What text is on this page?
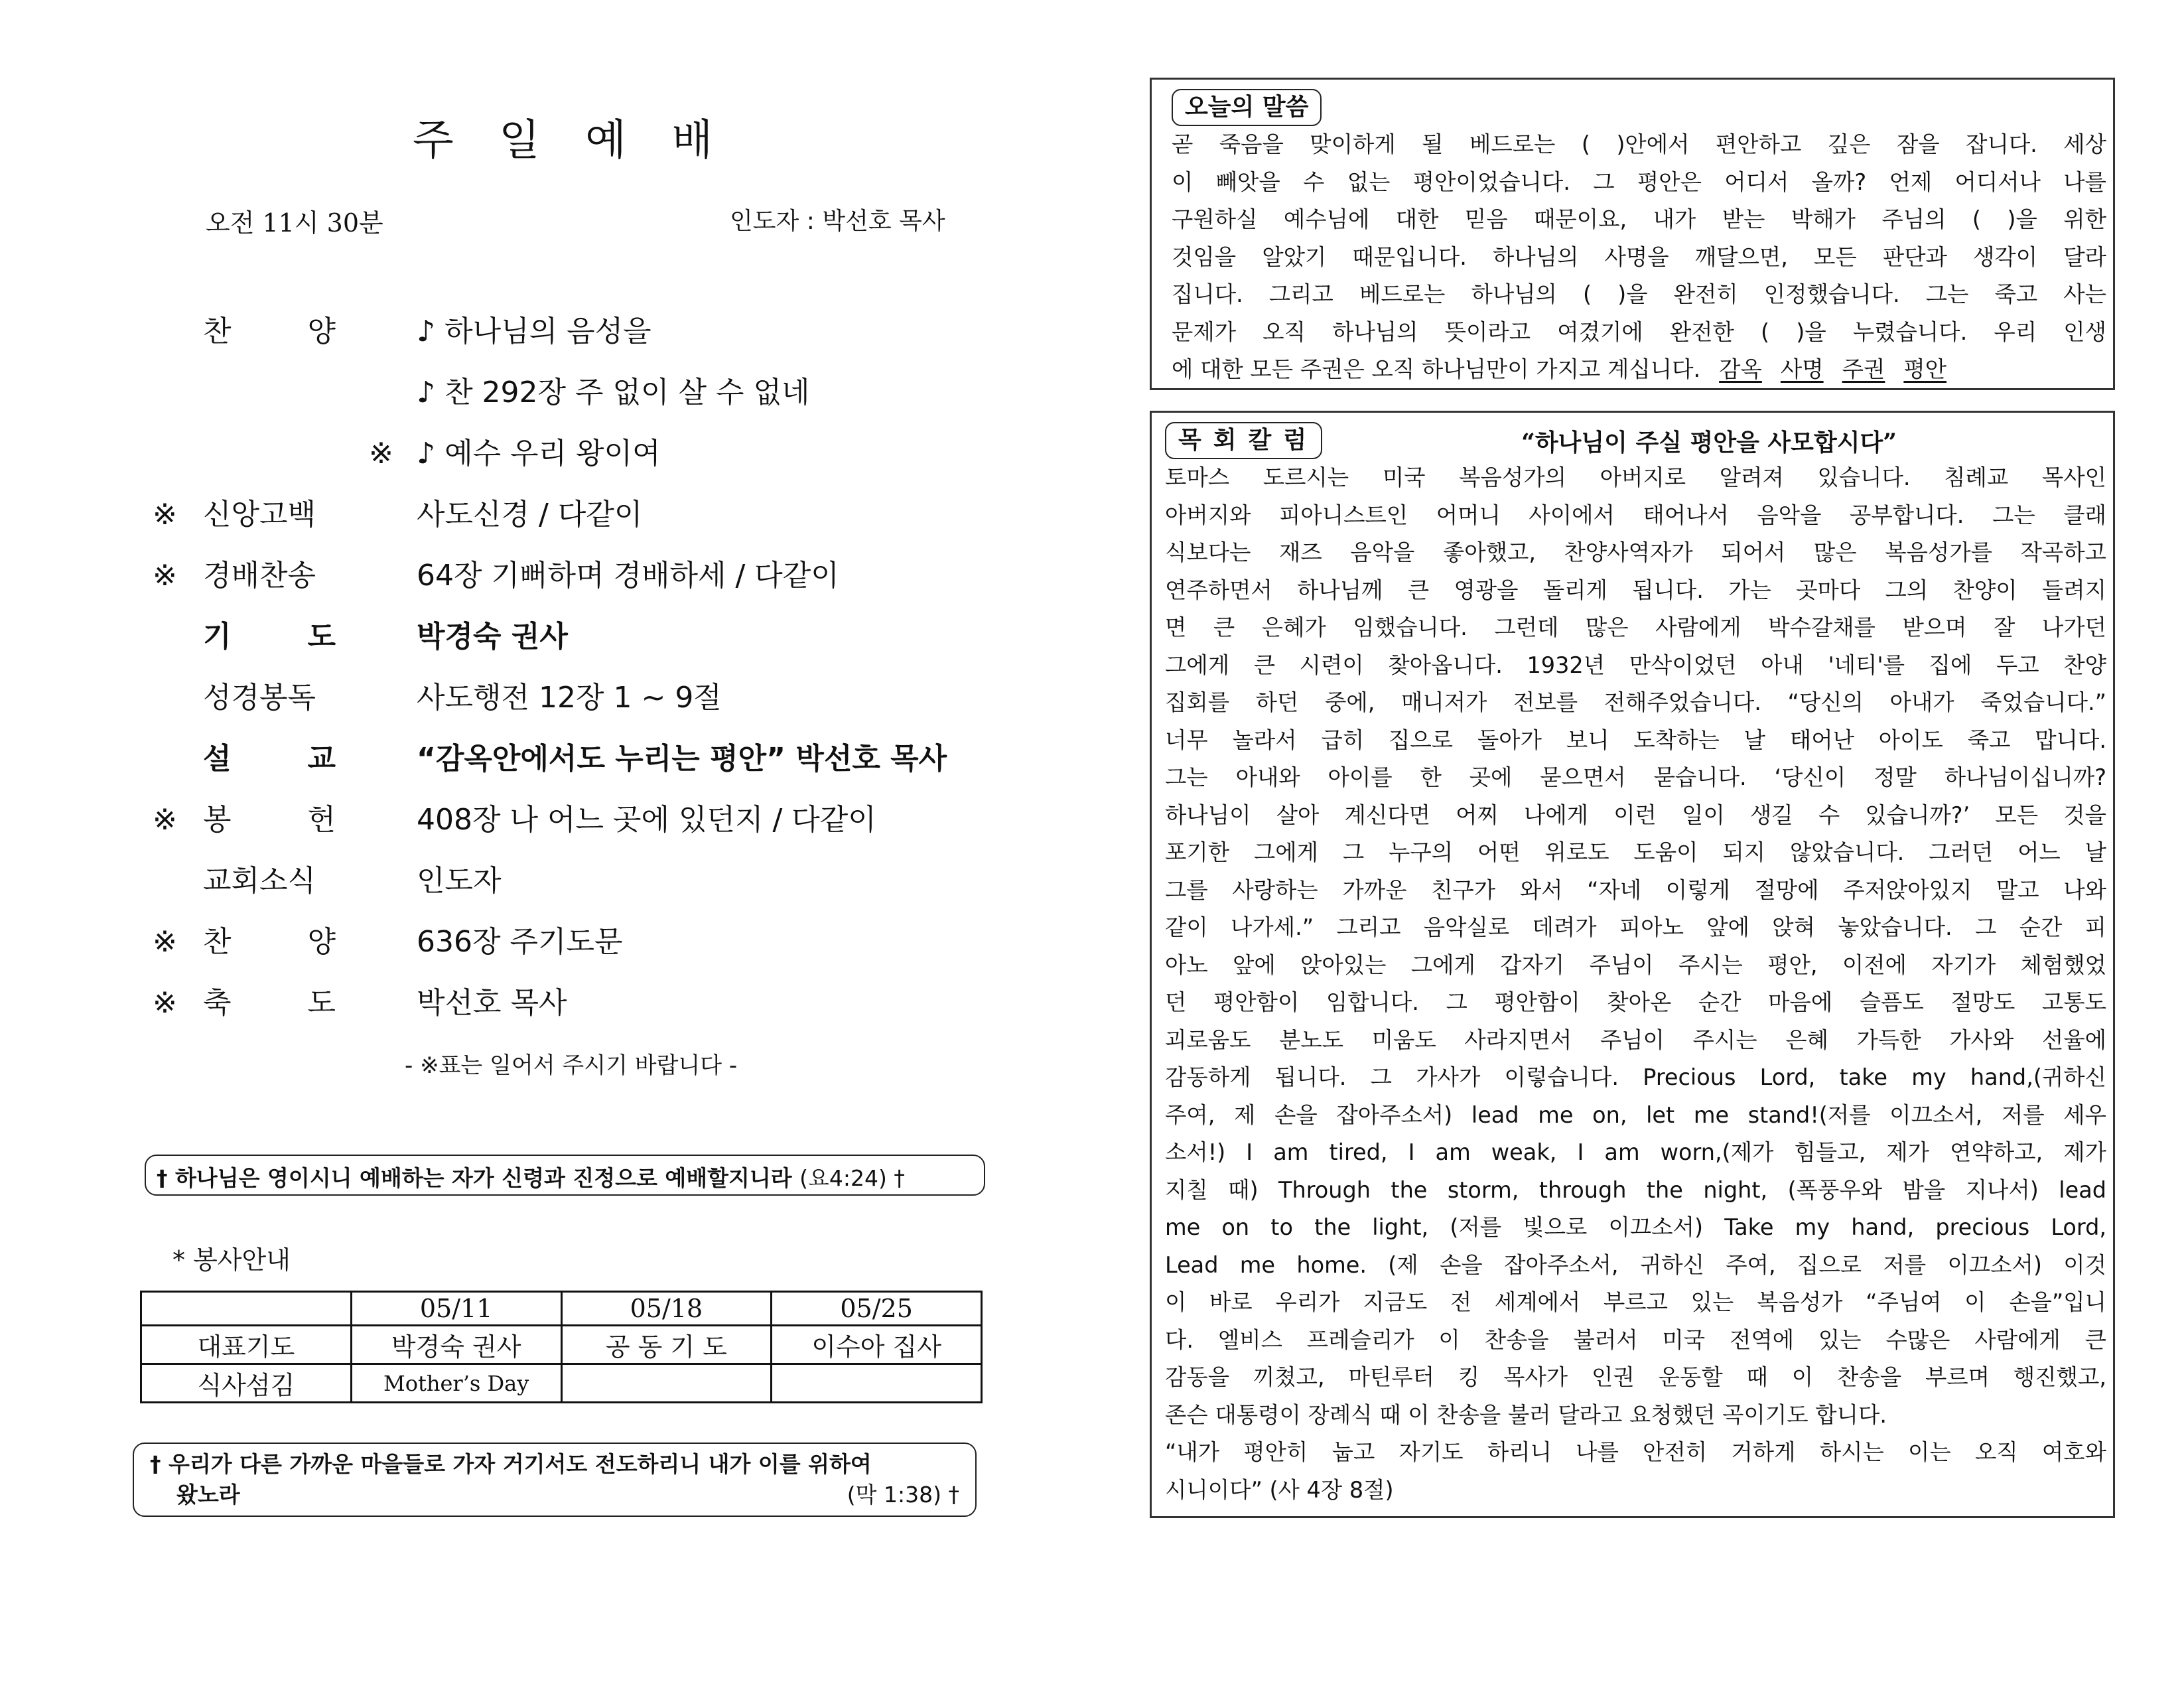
주 일 예 배
오전 11시 30분	인도자 : 박선호 목사
찬	양	♪ 하나님의 음성을
♪ 찬 292장 주 없이 살 수 없네
※ ♪ 예수 우리 왕이여
※ 신앙고백	사도신경 / 다같이
※ 경배찬송	64장 기뻐하며 경배하세 / 다같이
기	도	박경숙 권사
성경봉독	사도행전 12장 1 ~ 9절
설	교	“감옥안에서도 누리는 평안” 박선호 목사
※ 봉	헌	408장 나 어느 곳에 있던지 / 다같이
교회소식	인도자
※ 찬	양	636장 주기도문
※ 축	도	박선호 목사
- ※표는 일어서 주시기 바랍니다 -
† 하나님은 영이시니 예배하는 자가 신령과 진정으로 예배할지니라 (요4:24) †
* 봉사안내
	05/11	05/18	05/25
대표기도	박경숙 권사	공 동 기 도	이수아 집사
식사섬김	Mother’s Day		
† 우리가 다른 가까운 마을들로 가자 거기서도 전도하리니 내가 이를 위하여
왔노라	(막 1:38) †
오늘의 말씀
곧 죽음을 맞이하게 될 베드로는 ( )안에서 편안하고 깊은 잠을 잡니다. 세상
이 빼앗을 수 없는 평안이었습니다. 그 평안은 어디서 올까? 언제 어디서나 나를
구원하실 예수님에 대한 믿음 때문이요, 내가 받는 박해가 주님의 ( )을 위한
것임을 알았기 때문입니다. 하나님의 사명을 깨달으면, 모든 판단과 생각이 달라
집니다. 그리고 베드로는 하나님의 ( )을 완전히 인정했습니다. 그는 죽고 사는
문제가 오직 하나님의 뜻이라고 여겼기에 완전한 ( )을 누렸습니다. 우리 인생
에 대한 모든 주권은 오직 하나님만이 가지고 계십니다. 감옥 사명 주권 평안
목회칼럼	“하나님이 주실 평안을 사모합시다”
토마스 도르시는 미국 복음성가의 아버지로 알려져 있습니다. 침례교 목사인
아버지와 피아니스트인 어머니 사이에서 태어나서 음악을 공부합니다. 그는 클래
식보다는 재즈 음악을 좋아했고, 찬양사역자가 되어서 많은 복음성가를 작곡하고
연주하면서 하나님께 큰 영광을 돌리게 됩니다. 가는 곳마다 그의 찬양이 들려지
면 큰 은혜가 임했습니다. 그런데 많은 사람에게 박수갈채를 받으며 잘 나가던
그에게 큰 시련이 찾아옵니다. 1932년 만삭이었던 아내 '네티'를 집에 두고 찬양
집회를 하던 중에, 매니저가 전보를 전해주었습니다. “당신의 아내가 죽었습니다.”
너무 놀라서 급히 집으로 돌아가 보니 도착하는 날 태어난 아이도 죽고 맙니다.
그는 아내와 아이를 한 곳에 묻으면서 묻습니다. ‘당신이 정말 하나님이십니까?
하나님이 살아 계신다면 어찌 나에게 이런 일이 생길 수 있습니까?’ 모든 것을
포기한 그에게 그 누구의 어떤 위로도 도움이 되지 않았습니다. 그러던 어느 날
그를 사랑하는 가까운 친구가 와서 “자네 이렇게 절망에 주저앉아있지 말고 나와
같이 나가세.” 그리고 음악실로 데려가 피아노 앞에 앉혀 놓았습니다. 그 순간 피
아노 앞에 앉아있는 그에게 갑자기 주님이 주시는 평안, 이전에 자기가 체험했었
던 평안함이 임합니다. 그 평안함이 찾아온 순간 마음에 슬픔도 절망도 고통도
괴로움도 분노도 미움도 사라지면서 주님이 주시는 은혜 가득한 가사와 선율에
감동하게 됩니다. 그 가사가 이렇습니다. Precious Lord, take my hand,(귀하신
주여, 제 손을 잡아주소서) lead me on, let me stand!(저를 이끄소서, 저를 세우
소서!) I am tired, I am weak, I am worn,(제가 힘들고, 제가 연약하고, 제가
지칠 때) Through the storm, through the night, (폭풍우와 밤을 지나서) lead
me on to the light, (저를 빛으로 이끄소서) Take my hand, precious Lord,
Lead me home. (제 손을 잡아주소서, 귀하신 주여, 집으로 저를 이끄소서) 이것
이 바로 우리가 지금도 전 세계에서 부르고 있는 복음성가 “주님여 이 손을”입니
다. 엘비스 프레슬리가 이 찬송을 불러서 미국 전역에 있는 수많은 사람에게 큰
감동을 끼쳤고, 마틴루터 킹 목사가 인권 운동할 때 이 찬송을 부르며 행진했고,
존슨 대통령이 장례식 때 이 찬송을 불러 달라고 요청했던 곡이기도 합니다.
“내가 평안히 눕고 자기도 하리니 나를 안전히 거하게 하시는 이는 오직 여호와
시니이다” (사 4장 8절)
